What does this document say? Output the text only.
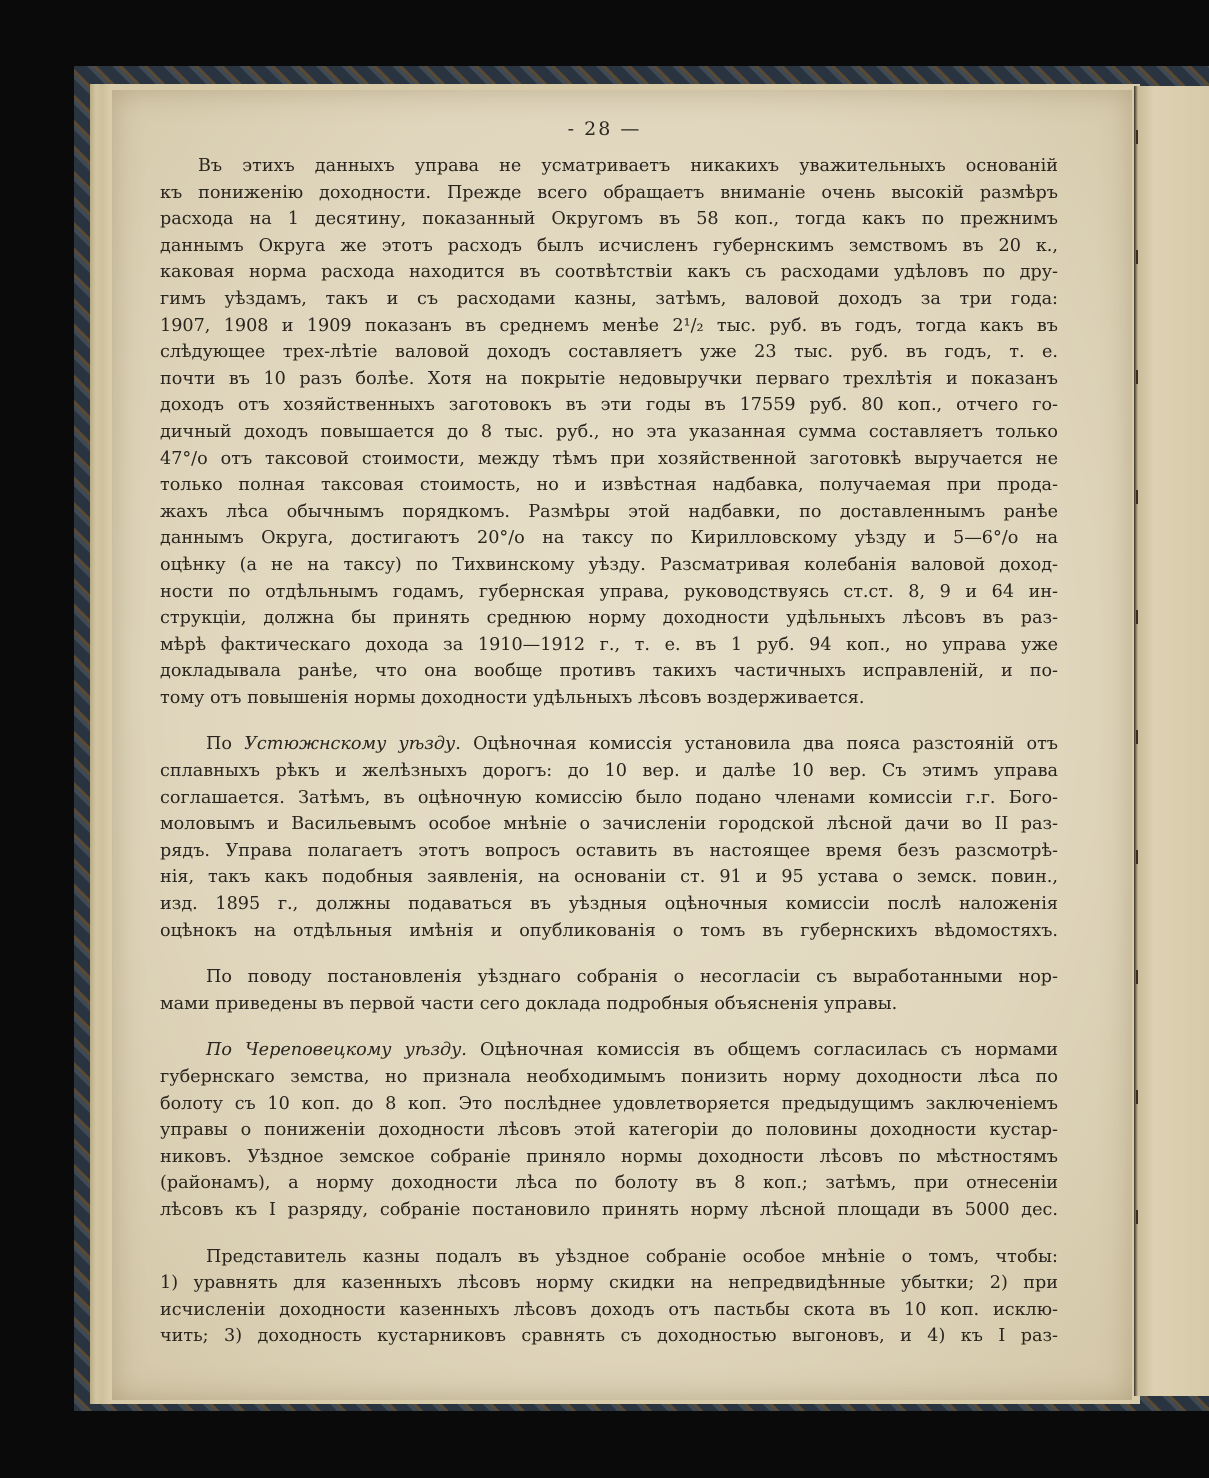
- 28 —

Въ этихъ данныхъ управа не усматриваетъ никакихъ уважительныхъ основаній
къ пониженію доходности. Прежде всего обращаетъ вниманіе очень высокій размѣръ
расхода на 1 десятину, показанный Округомъ въ 58 коп., тогда какъ по прежнимъ
даннымъ Округа же этотъ расходъ былъ исчисленъ губернскимъ земствомъ въ 20 к.,
каковая норма расхода находится въ соотвѣтствіи какъ съ расходами удѣловъ по дру-
гимъ уѣздамъ, такъ и съ расходами казны, затѣмъ, валовой доходъ за три года:
1907, 1908 и 1909 показанъ въ среднемъ менѣе 2¹/₂ тыс. руб. въ годъ, тогда какъ въ
слѣдующее трех-лѣтіе валовой доходъ составляетъ уже 23 тыс. руб. въ годъ, т. е.
почти въ 10 разъ болѣе. Хотя на покрытіе недовыручки перваго трехлѣтія и показанъ
доходъ отъ хозяйственныхъ заготовокъ въ эти годы въ 17559 руб. 80 коп., отчего го-
дичный доходъ повышается до 8 тыс. руб., но эта указанная сумма составляетъ только
47°/о отъ таксовой стоимости, между тѣмъ при хозяйственной заготовкѣ выручается не
только полная таксовая стоимость, но и извѣстная надбавка, получаемая при прода-
жахъ лѣса обычнымъ порядкомъ. Размѣры этой надбавки, по доставленнымъ ранѣе
даннымъ Округа, достигаютъ 20°/о на таксу по Кирилловскому уѣзду и 5—6°/о на
оцѣнку (а не на таксу) по Тихвинскому уѣзду. Разсматривая колебанія валовой доход-
ности по отдѣльнымъ годамъ, губернская управа, руководствуясь ст.ст. 8, 9 и 64 ин-
струкціи, должна бы принять среднюю норму доходности удѣльныхъ лѣсовъ въ раз-
мѣрѣ фактическаго дохода за 1910—1912 г., т. е. въ 1 руб. 94 коп., но управа уже
докладывала ранѣе, что она вообще противъ такихъ частичныхъ исправленій, и по-
тому отъ повышенія нормы доходности удѣльныхъ лѣсовъ воздерживается.

По Устюжнскому уѣзду. Оцѣночная комиссія установила два пояса разстояній отъ
сплавныхъ рѣкъ и желѣзныхъ дорогъ: до 10 вер. и далѣе 10 вер. Съ этимъ управа
соглашается. Затѣмъ, въ оцѣночную комиссію было подано членами комиссіи г.г. Бого-
моловымъ и Васильевымъ особое мнѣніе о зачисленіи городской лѣсной дачи во II раз-
рядъ. Управа полагаетъ этотъ вопросъ оставить въ настоящее время безъ разсмотрѣ-
нія, такъ какъ подобныя заявленія, на основаніи ст. 91 и 95 устава о земск. повин.,
изд. 1895 г., должны подаваться въ уѣздныя оцѣночныя комиссіи послѣ наложенія
оцѣнокъ на отдѣльныя имѣнія и опубликованія о томъ въ губернскихъ вѣдомостяхъ.

По поводу постановленія уѣзднаго собранія о несогласіи съ выработанными нор-
мами приведены въ первой части сего доклада подробныя объясненія управы.

По Череповецкому уѣзду. Оцѣночная комиссія въ общемъ согласилась съ нормами
губернскаго земства, но признала необходимымъ понизить норму доходности лѣса по
болоту съ 10 коп. до 8 коп. Это послѣднее удовлетворяется предыдущимъ заключеніемъ
управы о пониженіи доходности лѣсовъ этой категоріи до половины доходности кустар-
никовъ. Уѣздное земское собраніе приняло нормы доходности лѣсовъ по мѣстностямъ
(районамъ), а норму доходности лѣса по болоту въ 8 коп.; затѣмъ, при отнесеніи
лѣсовъ къ I разряду, собраніе постановило принять норму лѣсной площади въ 5000 дес.

Представитель казны подалъ въ уѣздное собраніе особое мнѣніе о томъ, чтобы:
1) уравнять для казенныхъ лѣсовъ норму скидки на непредвидѣнные убытки; 2) при
исчисленіи доходности казенныхъ лѣсовъ доходъ отъ пастьбы скота въ 10 коп. исклю-
чить; 3) доходность кустарниковъ сравнять съ доходностью выгоновъ, и 4) къ I раз-
